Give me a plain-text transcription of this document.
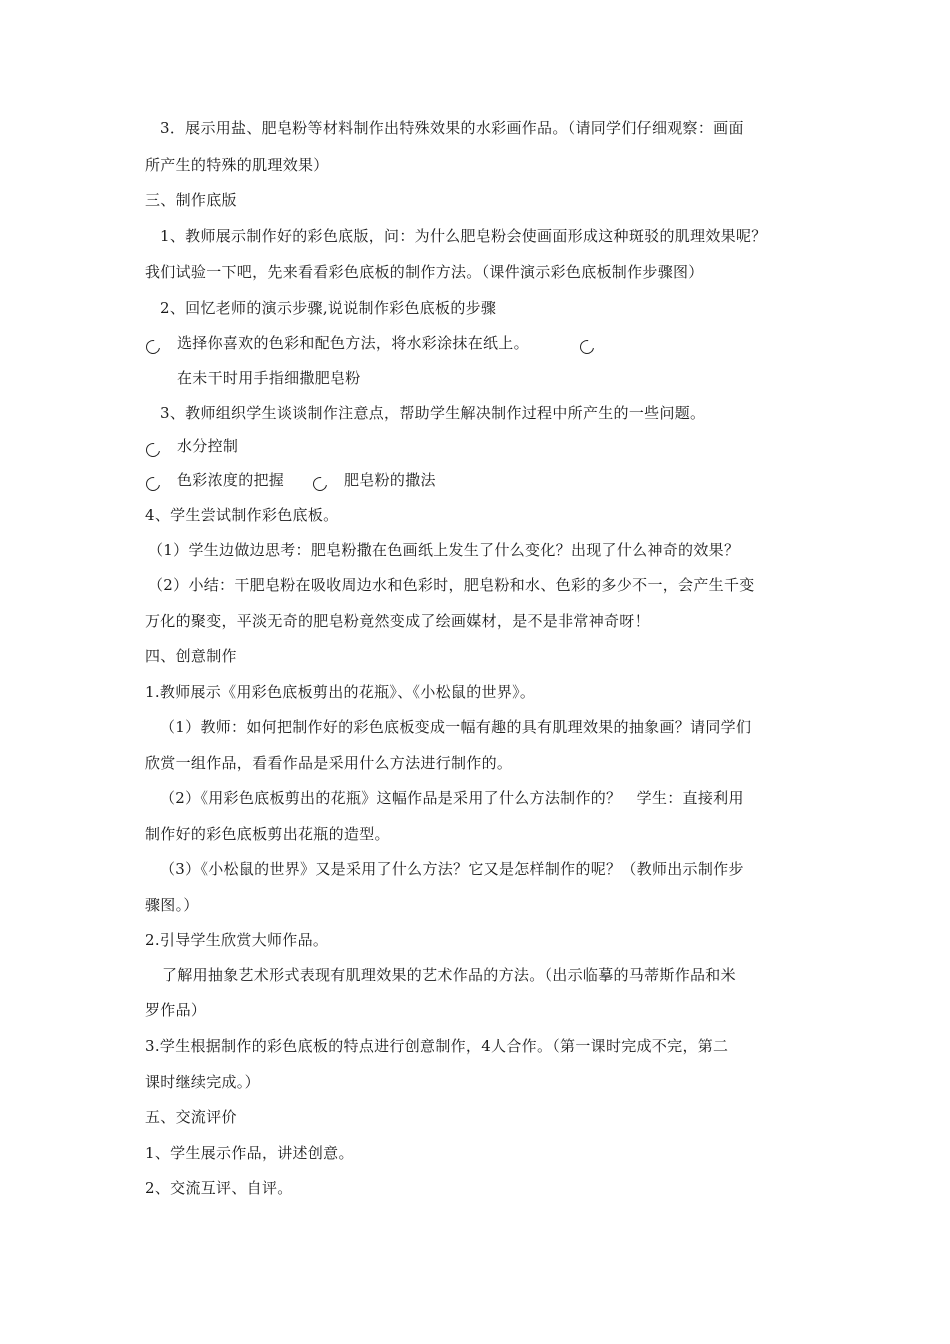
3．展示用盐、肥皂粉等材料制作出特殊效果的水彩画作品。（请同学们仔细观察：画面
所产生的特殊的肌理效果）
三、制作底版
1、教师展示制作好的彩色底版，问：为什么肥皂粉会使画面形成这种斑驳的肌理效果呢？
我们试验一下吧，先来看看彩色底板的制作方法。（课件演示彩色底板制作步骤图）
2、回忆老师的演示步骤,说说制作彩色底板的步骤
选择你喜欢的色彩和配色方法，将水彩涂抹在纸上。
在未干时用手指细撒肥皂粉
3、教师组织学生谈谈制作注意点，帮助学生解决制作过程中所产生的一些问题。
水分控制
色彩浓度的把握	肥皂粉的撒法
4、学生尝试制作彩色底板。
（1）学生边做边思考：肥皂粉撒在色画纸上发生了什么变化？出现了什么神奇的效果？
（2）小结：干肥皂粉在吸收周边水和色彩时，肥皂粉和水、色彩的多少不一，会产生千变
万化的聚变，平淡无奇的肥皂粉竟然变成了绘画媒材，是不是非常神奇呀！
四、创意制作
1.教师展示《用彩色底板剪出的花瓶》、《小松鼠的世界》。
（1）教师：如何把制作好的彩色底板变成一幅有趣的具有肌理效果的抽象画？请同学们
欣赏一组作品，看看作品是采用什么方法进行制作的。
（2）《用彩色底板剪出的花瓶》这幅作品是采用了什么方法制作的？　学生：直接利用
制作好的彩色底板剪出花瓶的造型。
（3）《小松鼠的世界》又是采用了什么方法？它又是怎样制作的呢？（教师出示制作步
骤图。）
2.引导学生欣赏大师作品。
了解用抽象艺术形式表现有肌理效果的艺术作品的方法。（出示临摹的马蒂斯作品和米
罗作品）
3.学生根据制作的彩色底板的特点进行创意制作，4人合作。（第一课时完成不完，第二
课时继续完成。）
五、交流评价
1、学生展示作品，讲述创意。
2、交流互评、自评。
